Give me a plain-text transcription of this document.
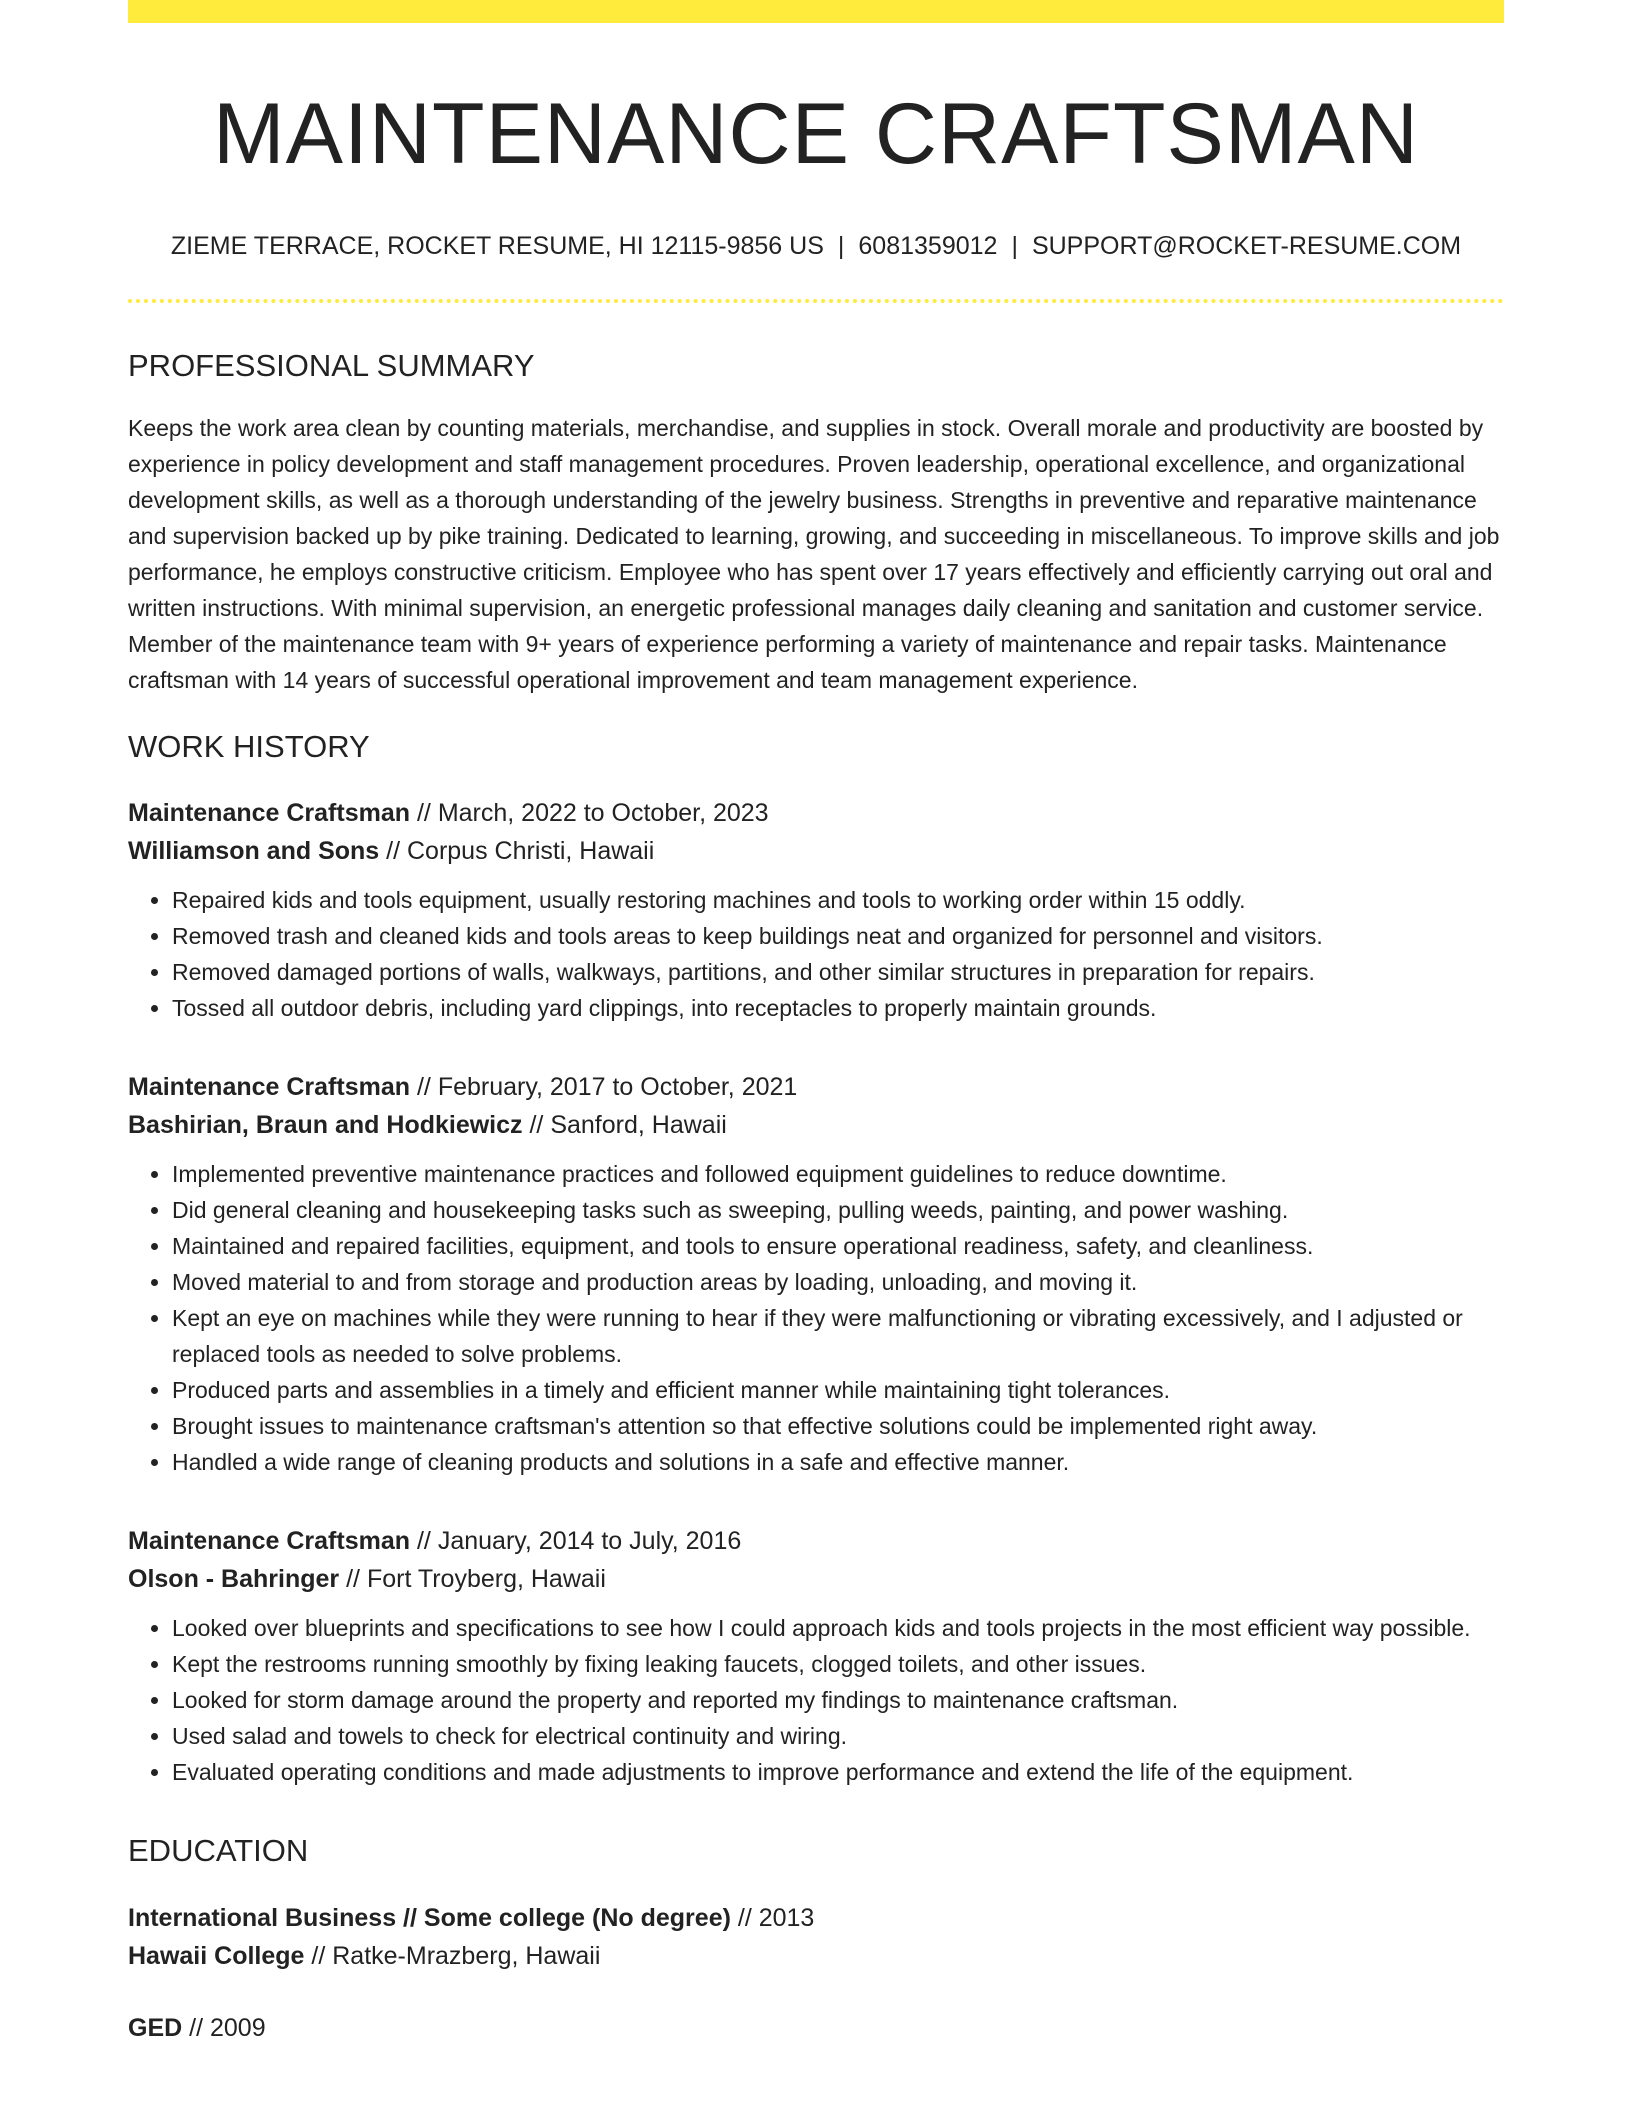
MAINTENANCE CRAFTSMAN
ZIEME TERRACE, ROCKET RESUME, HI 12115-9856 US | 6081359012 | SUPPORT@ROCKET-RESUME.COM
PROFESSIONAL SUMMARY

Keeps the work area clean by counting materials, merchandise, and supplies in stock. Overall morale and productivity are boosted by experience in policy development and staff management procedures. Proven leadership, operational excellence, and organizational development skills, as well as a thorough understanding of the jewelry business. Strengths in preventive and reparative maintenance and supervision backed up by pike training. Dedicated to learning, growing, and succeeding in miscellaneous. To improve skills and job performance, he employs constructive criticism. Employee who has spent over 17 years effectively and efficiently carrying out oral and written instructions. With minimal supervision, an energetic professional manages daily cleaning and sanitation and customer service. Member of the maintenance team with 9+ years of experience performing a variety of maintenance and repair tasks. Maintenance craftsman with 14 years of successful operational improvement and team management experience.

WORK HISTORY
Maintenance Craftsman // March, 2022 to October, 2023
Williamson and Sons // Corpus Christi, Hawaii
• Repaired kids and tools equipment, usually restoring machines and tools to working order within 15 oddly.
• Removed trash and cleaned kids and tools areas to keep buildings neat and organized for personnel and visitors.
• Removed damaged portions of walls, walkways, partitions, and other similar structures in preparation for repairs.
• Tossed all outdoor debris, including yard clippings, into receptacles to properly maintain grounds.
Maintenance Craftsman // February, 2017 to October, 2021
Bashirian, Braun and Hodkiewicz // Sanford, Hawaii
• Implemented preventive maintenance practices and followed equipment guidelines to reduce downtime.
• Did general cleaning and housekeeping tasks such as sweeping, pulling weeds, painting, and power washing.
• Maintained and repaired facilities, equipment, and tools to ensure operational readiness, safety, and cleanliness.
• Moved material to and from storage and production areas by loading, unloading, and moving it.
• Kept an eye on machines while they were running to hear if they were malfunctioning or vibrating excessively, and I adjusted or replaced tools as needed to solve problems.
• Produced parts and assemblies in a timely and efficient manner while maintaining tight tolerances.
• Brought issues to maintenance craftsman's attention so that effective solutions could be implemented right away.
• Handled a wide range of cleaning products and solutions in a safe and effective manner.
Maintenance Craftsman // January, 2014 to July, 2016
Olson - Bahringer // Fort Troyberg, Hawaii
• Looked over blueprints and specifications to see how I could approach kids and tools projects in the most efficient way possible.
• Kept the restrooms running smoothly by fixing leaking faucets, clogged toilets, and other issues.
• Looked for storm damage around the property and reported my findings to maintenance craftsman.
• Used salad and towels to check for electrical continuity and wiring.
• Evaluated operating conditions and made adjustments to improve performance and extend the life of the equipment.
EDUCATION
International Business // Some college (No degree) // 2013
Hawaii College // Ratke-Mrazberg, Hawaii
GED // 2009
